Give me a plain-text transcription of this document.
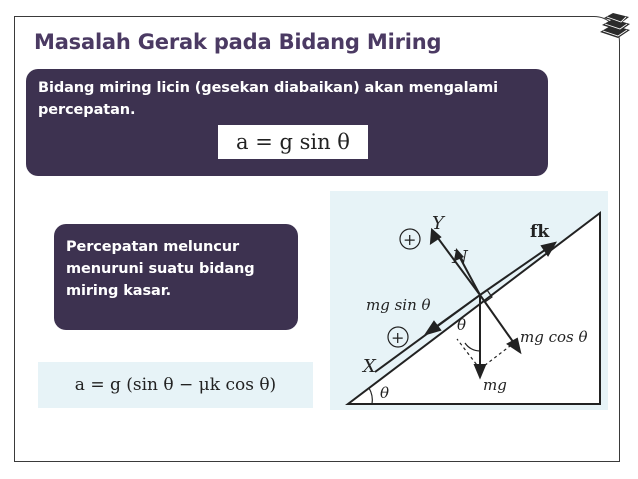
Masalah Gerak pada Bidang Miring

Bidang miring licin (gesekan diabaikan) akan mengalami percepatan.

a = g sin θ

Percepatan meluncur menuruni suatu bidang miring kasar.

a = g (sin θ − μk cos θ)
+
+
Y
X
N
fk
mg sin θ
mg cos θ
mg
θ
θ
